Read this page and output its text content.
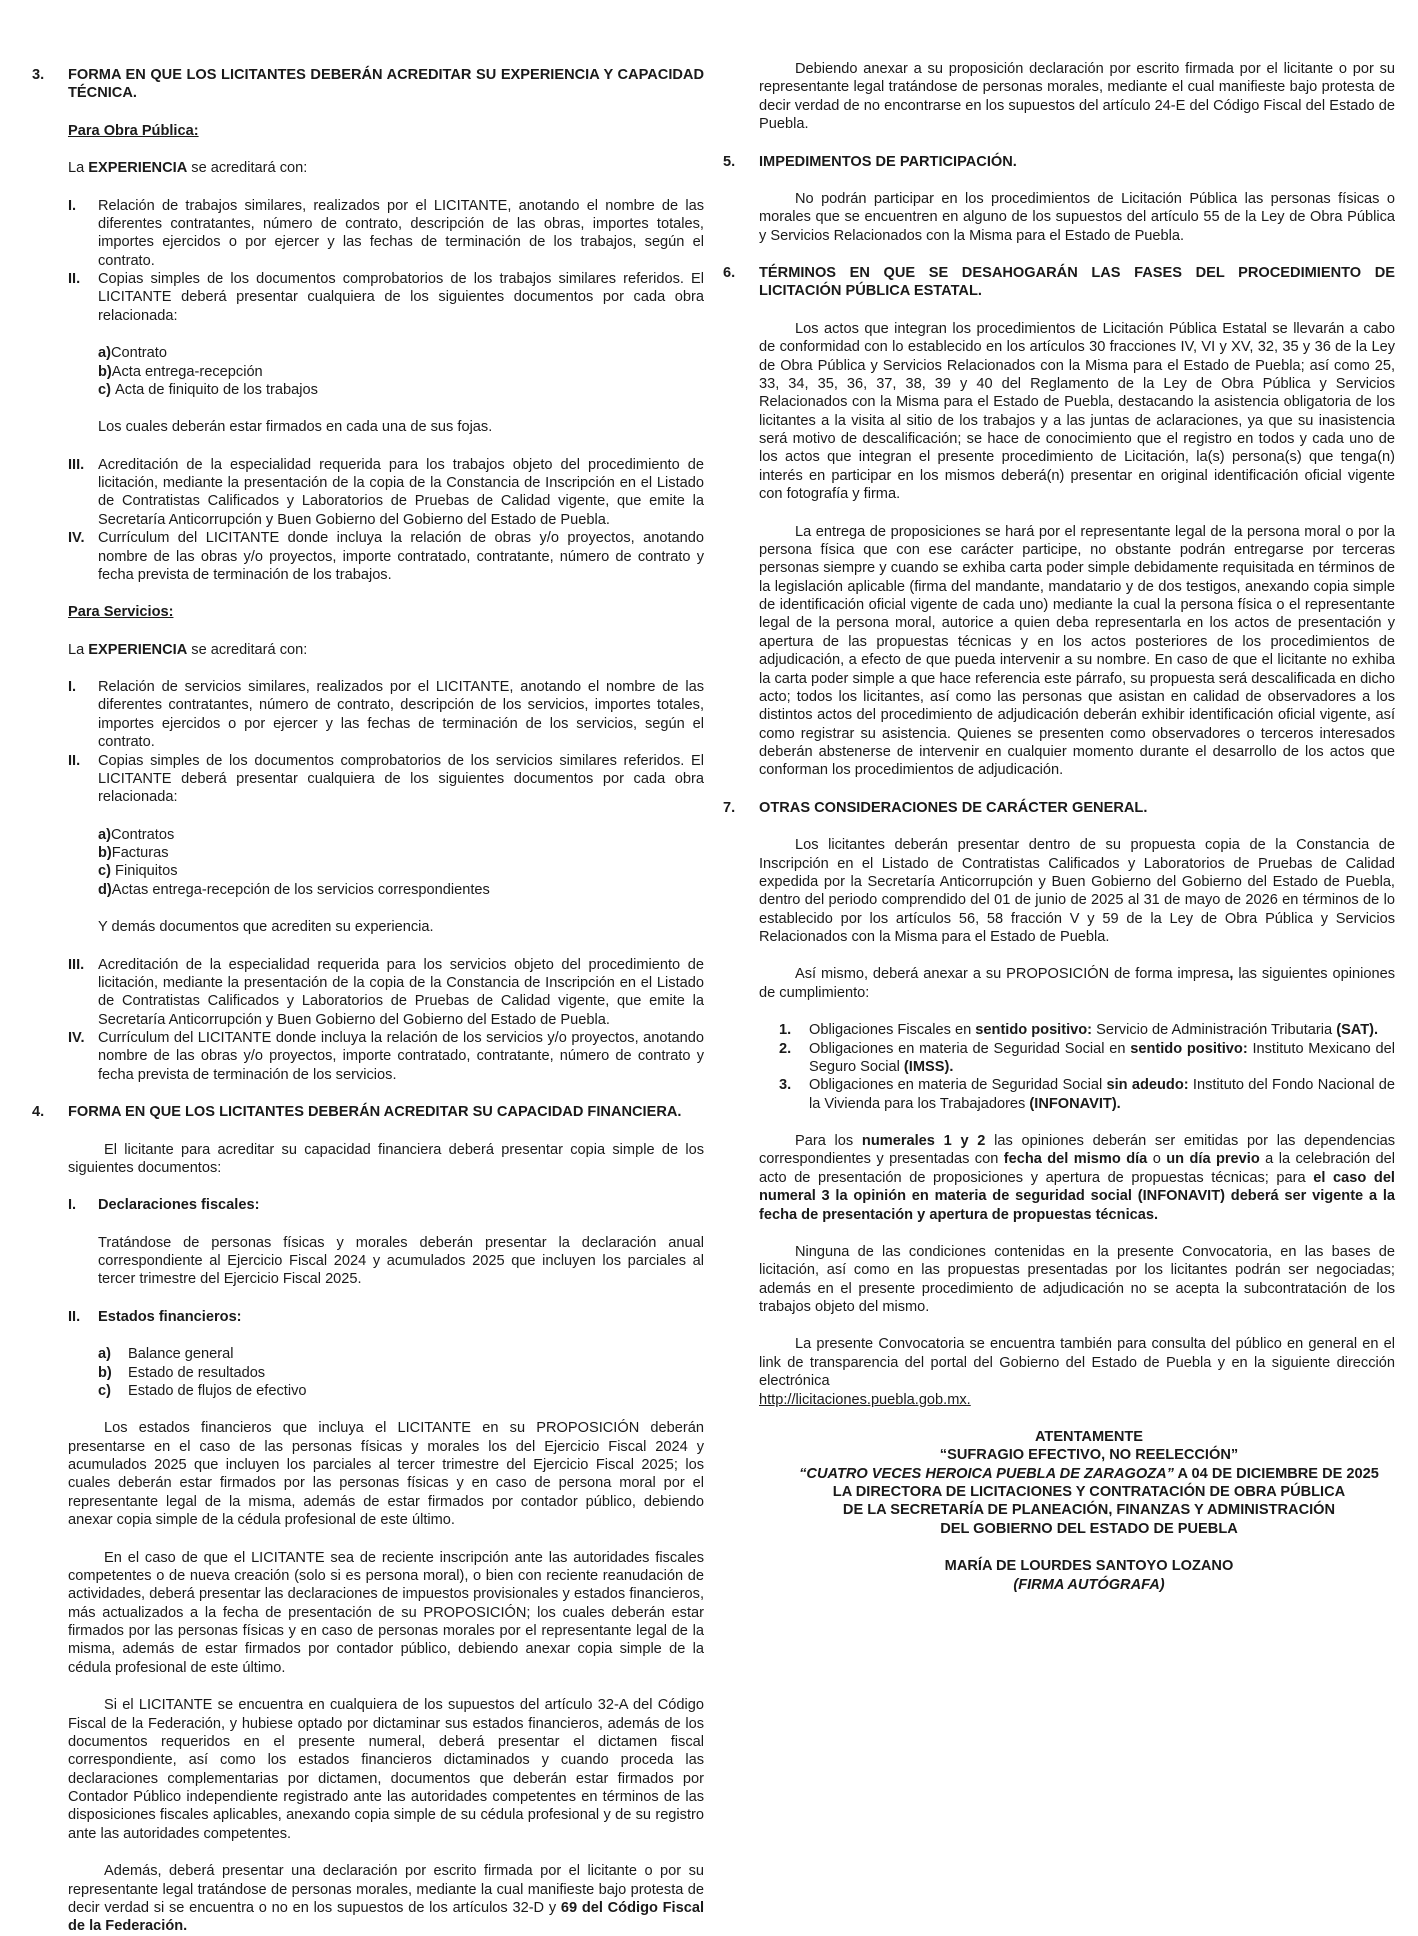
3.	FORMA EN QUE LOS LICITANTES DEBERÁN ACREDITAR SU EXPERIENCIA Y CAPACIDAD TÉCNICA.
Para Obra Pública:

La EXPERIENCIA se acreditará con:

I.	Relación de trabajos similares, realizados por el LICITANTE, anotando el nombre de las diferentes contratantes, número de contrato, descripción de las obras, importes totales, importes ejercidos o por ejercer y las fechas de terminación de los trabajos, según el contrato.
II.	Copias simples de los documentos comprobatorios de los trabajos similares referidos. El LICITANTE deberá presentar cualquiera de los siguientes documentos por cada obra relacionada:
a) Contrato
b) Acta entrega-recepción
c)
Acta de finiquito de los trabajos

Los cuales deberán estar firmados en cada una de sus fojas.

III. Acreditación de la especialidad requerida para los trabajos objeto del procedimiento de licitación, mediante la presentación de la copia de la Constancia de Inscripción en el Listado de Contratistas Calificados y Laboratorios de Pruebas de Calidad vigente, que emite la Secretaría Anticorrupción y Buen Gobierno del Gobierno del Estado de Puebla.
IV. Currículum del LICITANTE donde incluya la relación de obras y/o proyectos, anotando nombre de las obras y/o proyectos, importe contratado, contratante, número de contrato y fecha prevista de terminación de los trabajos.
Para Servicios:

La EXPERIENCIA se acreditará con:

I.	Relación de servicios similares, realizados por el LICITANTE, anotando el nombre de las diferentes contratantes, número de contrato, descripción de los servicios, importes totales, importes ejercidos o por ejercer y las fechas de terminación de los servicios, según el contrato.
II.	Copias simples de los documentos comprobatorios de los servicios similares referidos. El LICITANTE deberá presentar cualquiera de los siguientes documentos por cada obra relacionada:
a) Contratos
b) Facturas
c)
Finiquitos
d) Actas entrega-recepción de los servicios correspondientes

Y demás documentos que acrediten su experiencia.

III. Acreditación de la especialidad requerida para los servicios objeto del procedimiento de licitación, mediante la presentación de la copia de la Constancia de Inscripción en el Listado de Contratistas Calificados y Laboratorios de Pruebas de Calidad vigente, que emite la Secretaría Anticorrupción y Buen Gobierno del Gobierno del Estado de Puebla.
IV. Currículum del LICITANTE donde incluya la relación de los servicios y/o proyectos, anotando nombre de las obras y/o proyectos, importe contratado, contratante, número de contrato y fecha prevista de terminación de los servicios.
4.	FORMA EN QUE LOS LICITANTES DEBERÁN ACREDITAR SU CAPACIDAD FINANCIERA.

El licitante para acreditar su capacidad financiera deberá presentar copia simple de los siguientes documentos:

I.	Declaraciones fiscales:

Tratándose de personas físicas y morales deberán presentar la declaración anual correspondiente al Ejercicio Fiscal 2024 y acumulados 2025 que incluyen los parciales al tercer trimestre del Ejercicio Fiscal 2025.

II.	Estados financieros:
a)	Balance general
b)	Estado de resultados
c)	Estado de flujos de efectivo

Los estados financieros que incluya el LICITANTE en su PROPOSICIÓN deberán presentarse en el caso de las personas físicas y morales los del Ejercicio Fiscal 2024 y acumulados 2025 que incluyen los parciales al tercer trimestre del Ejercicio Fiscal 2025; los cuales deberán estar firmados por las personas físicas y en caso de persona moral por el representante legal de la misma, además de estar firmados por contador público, debiendo anexar copia simple de la cédula profesional de este último.

En el caso de que el LICITANTE sea de reciente inscripción ante las autoridades fiscales competentes o de nueva creación (solo si es persona moral), o bien con reciente reanudación de actividades, deberá presentar las declaraciones de impuestos provisionales y estados financieros, más actualizados a la fecha de presentación de su PROPOSICIÓN; los cuales deberán estar firmados por las personas físicas y en caso de personas morales por el representante legal de la misma, además de estar firmados por contador público, debiendo anexar copia simple de la cédula profesional de este último.

Si el LICITANTE se encuentra en cualquiera de los supuestos del artículo 32-A del Código Fiscal de la Federación, y hubiese optado por dictaminar sus estados financieros, además de los documentos requeridos en el presente numeral, deberá presentar el dictamen fiscal correspondiente, así como los estados financieros dictaminados y cuando proceda las declaraciones complementarias por dictamen, documentos que deberán estar firmados por Contador Público independiente registrado ante las autoridades competentes en términos de las disposiciones fiscales aplicables, anexando copia simple de su cédula profesional y de su registro ante las autoridades competentes.

Además, deberá presentar una declaración por escrito firmada por el licitante o por su representante legal tratándose de personas morales, mediante la cual manifieste bajo protesta de decir verdad si se encuentra o no en los supuestos de los artículos 32-D y 69 del Código Fiscal de la Federación.

Debiendo anexar a su proposición declaración por escrito firmada por el licitante o por su representante legal tratándose de personas morales, mediante el cual manifieste bajo protesta de decir verdad de no encontrarse en los supuestos del artículo 24-E del Código Fiscal del Estado de Puebla.

5.	IMPEDIMENTOS DE PARTICIPACIÓN.

No podrán participar en los procedimientos de Licitación Pública las personas físicas o morales que se encuentren en alguno de los supuestos del artículo 55 de la Ley de Obra Pública y Servicios Relacionados con la Misma para el Estado de Puebla.

6.	TÉRMINOS EN QUE SE DESAHOGARÁN LAS FASES DEL PROCEDIMIENTO DE LICITACIÓN PÚBLICA ESTATAL.

Los actos que integran los procedimientos de Licitación Pública Estatal se llevarán a cabo de conformidad con lo establecido en los artículos 30 fracciones IV, VI y XV, 32, 35 y 36 de la Ley de Obra Pública y Servicios Relacionados con la Misma para el Estado de Puebla; así como 25, 33, 34, 35, 36, 37, 38, 39 y 40 del Reglamento de la Ley de Obra Pública y Servicios Relacionados con la Misma para el Estado de Puebla, destacando la asistencia obligatoria de los licitantes a la visita al sitio de los trabajos y a las juntas de aclaraciones, ya que su inasistencia será motivo de descalificación; se hace de conocimiento que el registro en todos y cada uno de los actos que integran el presente procedimiento de Licitación, la(s) persona(s) que tenga(n) interés en participar en los mismos deberá(n) presentar en original identificación oficial vigente con fotografía y firma.

La entrega de proposiciones se hará por el representante legal de la persona moral o por la persona física que con ese carácter participe, no obstante podrán entregarse por terceras personas siempre y cuando se exhiba carta poder simple debidamente requisitada en términos de la legislación aplicable (firma del mandante, mandatario y de dos testigos, anexando copia simple de identificación oficial vigente de cada uno) mediante la cual la persona física o el representante legal de la persona moral, autorice a quien deba representarla en los actos de presentación y apertura de las propuestas técnicas y en los actos posteriores de los procedimientos de adjudicación, a efecto de que pueda intervenir a su nombre. En caso de que el licitante no exhiba la carta poder simple a que hace referencia este párrafo, su propuesta será descalificada en dicho acto; todos los licitantes, así como las personas que asistan en calidad de observadores a los distintos actos del procedimiento de adjudicación deberán exhibir identificación oficial vigente, así como registrar su asistencia. Quienes se presenten como observadores o terceros interesados deberán abstenerse de intervenir en cualquier momento durante el desarrollo de los actos que conforman los procedimientos de adjudicación.

7.	OTRAS CONSIDERACIONES DE CARÁCTER GENERAL.

Los licitantes deberán presentar dentro de su propuesta copia de la Constancia de Inscripción en el Listado de Contratistas Calificados y Laboratorios de Pruebas de Calidad expedida por la Secretaría Anticorrupción y Buen Gobierno del Gobierno del Estado de Puebla, dentro del periodo comprendido del 01 de junio de 2025 al 31 de mayo de 2026 en términos de lo establecido por los artículos 56, 58 fracción V y 59 de la Ley de Obra Pública y Servicios Relacionados con la Misma para el Estado de Puebla.

Así mismo, deberá anexar a su PROPOSICIÓN de forma impresa, las siguientes opiniones de cumplimiento:

1.	Obligaciones Fiscales en sentido positivo: Servicio de Administración Tributaria (SAT).
2.	Obligaciones en materia de Seguridad Social en sentido positivo: Instituto Mexicano del Seguro Social (IMSS).
3.	Obligaciones en materia de Seguridad Social sin adeudo: Instituto del Fondo Nacional de la Vivienda para los Trabajadores (INFONAVIT).

Para los numerales 1 y 2 las opiniones deberán ser emitidas por las dependencias correspondientes y presentadas con fecha del mismo día o un día previo a la celebración del acto de presentación de proposiciones y apertura de propuestas técnicas; para el caso del numeral 3 la opinión en materia de seguridad social (INFONAVIT) deberá ser vigente a la fecha de presentación y apertura de propuestas técnicas.

Ninguna de las condiciones contenidas en la presente Convocatoria, en las bases de licitación, así como en las propuestas presentadas por los licitantes podrán ser negociadas; además en el presente procedimiento de adjudicación no se acepta la subcontratación de los trabajos objeto del mismo.

La presente Convocatoria se encuentra también para consulta del público en general en el link de transparencia del portal del Gobierno del Estado de Puebla y en la siguiente dirección electrónica
http://licitaciones.puebla.gob.mx.

ATENTAMENTE
“SUFRAGIO EFECTIVO, NO REELECCIÓN”
“CUATRO VECES HEROICA PUEBLA DE ZARAGOZA” A 04 DE DICIEMBRE DE 2025
LA DIRECTORA DE LICITACIONES Y CONTRATACIÓN DE OBRA PÚBLICA
DE LA SECRETARÍA DE PLANEACIÓN, FINANZAS Y ADMINISTRACIÓN
DEL GOBIERNO DEL ESTADO DE PUEBLA
MARÍA DE LOURDES SANTOYO LOZANO
(FIRMA AUTÓGRAFA)
